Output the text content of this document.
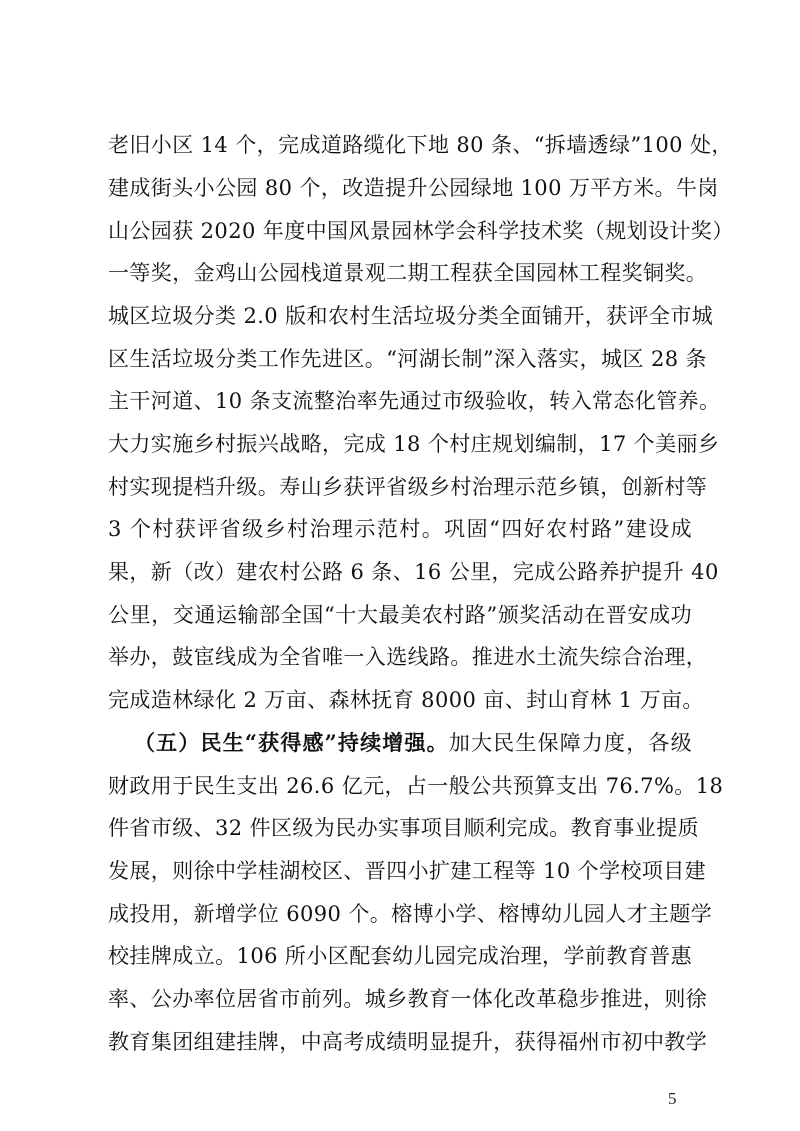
老旧小区 14 个，完成道路缆化下地 80 条、“拆墙透绿”100 处，
建成街头小公园 80 个，改造提升公园绿地 100 万平方米。牛岗
山公园获 2020 年度中国风景园林学会科学技术奖（规划设计奖）
一等奖，金鸡山公园栈道景观二期工程获全国园林工程奖铜奖。
城区垃圾分类 2.0 版和农村生活垃圾分类全面铺开，获评全市城
区生活垃圾分类工作先进区。“河湖长制”深入落实，城区 28 条
主干河道、10 条支流整治率先通过市级验收，转入常态化管养。
大力实施乡村振兴战略，完成 18 个村庄规划编制，17 个美丽乡
村实现提档升级。寿山乡获评省级乡村治理示范乡镇，创新村等
3 个村获评省级乡村治理示范村。巩固“四好农村路”建设成
果，新（改）建农村公路 6 条、16 公里，完成公路养护提升 40
公里，交通运输部全国“十大最美农村路”颁奖活动在晋安成功
举办，鼓宦线成为全省唯一入选线路。推进水土流失综合治理，
完成造林绿化 2 万亩、森林抚育 8000 亩、封山育林 1 万亩。
（五）民生“获得感”持续增强。加大民生保障力度，各级
财政用于民生支出 26.6 亿元，占一般公共预算支出 76.7%。18
件省市级、32 件区级为民办实事项目顺利完成。教育事业提质
发展，则徐中学桂湖校区、晋四小扩建工程等 10 个学校项目建
成投用，新增学位 6090 个。榕博小学、榕博幼儿园人才主题学
校挂牌成立。106 所小区配套幼儿园完成治理，学前教育普惠
率、公办率位居省市前列。城乡教育一体化改革稳步推进，则徐
教育集团组建挂牌，中高考成绩明显提升，获得福州市初中教学
5
